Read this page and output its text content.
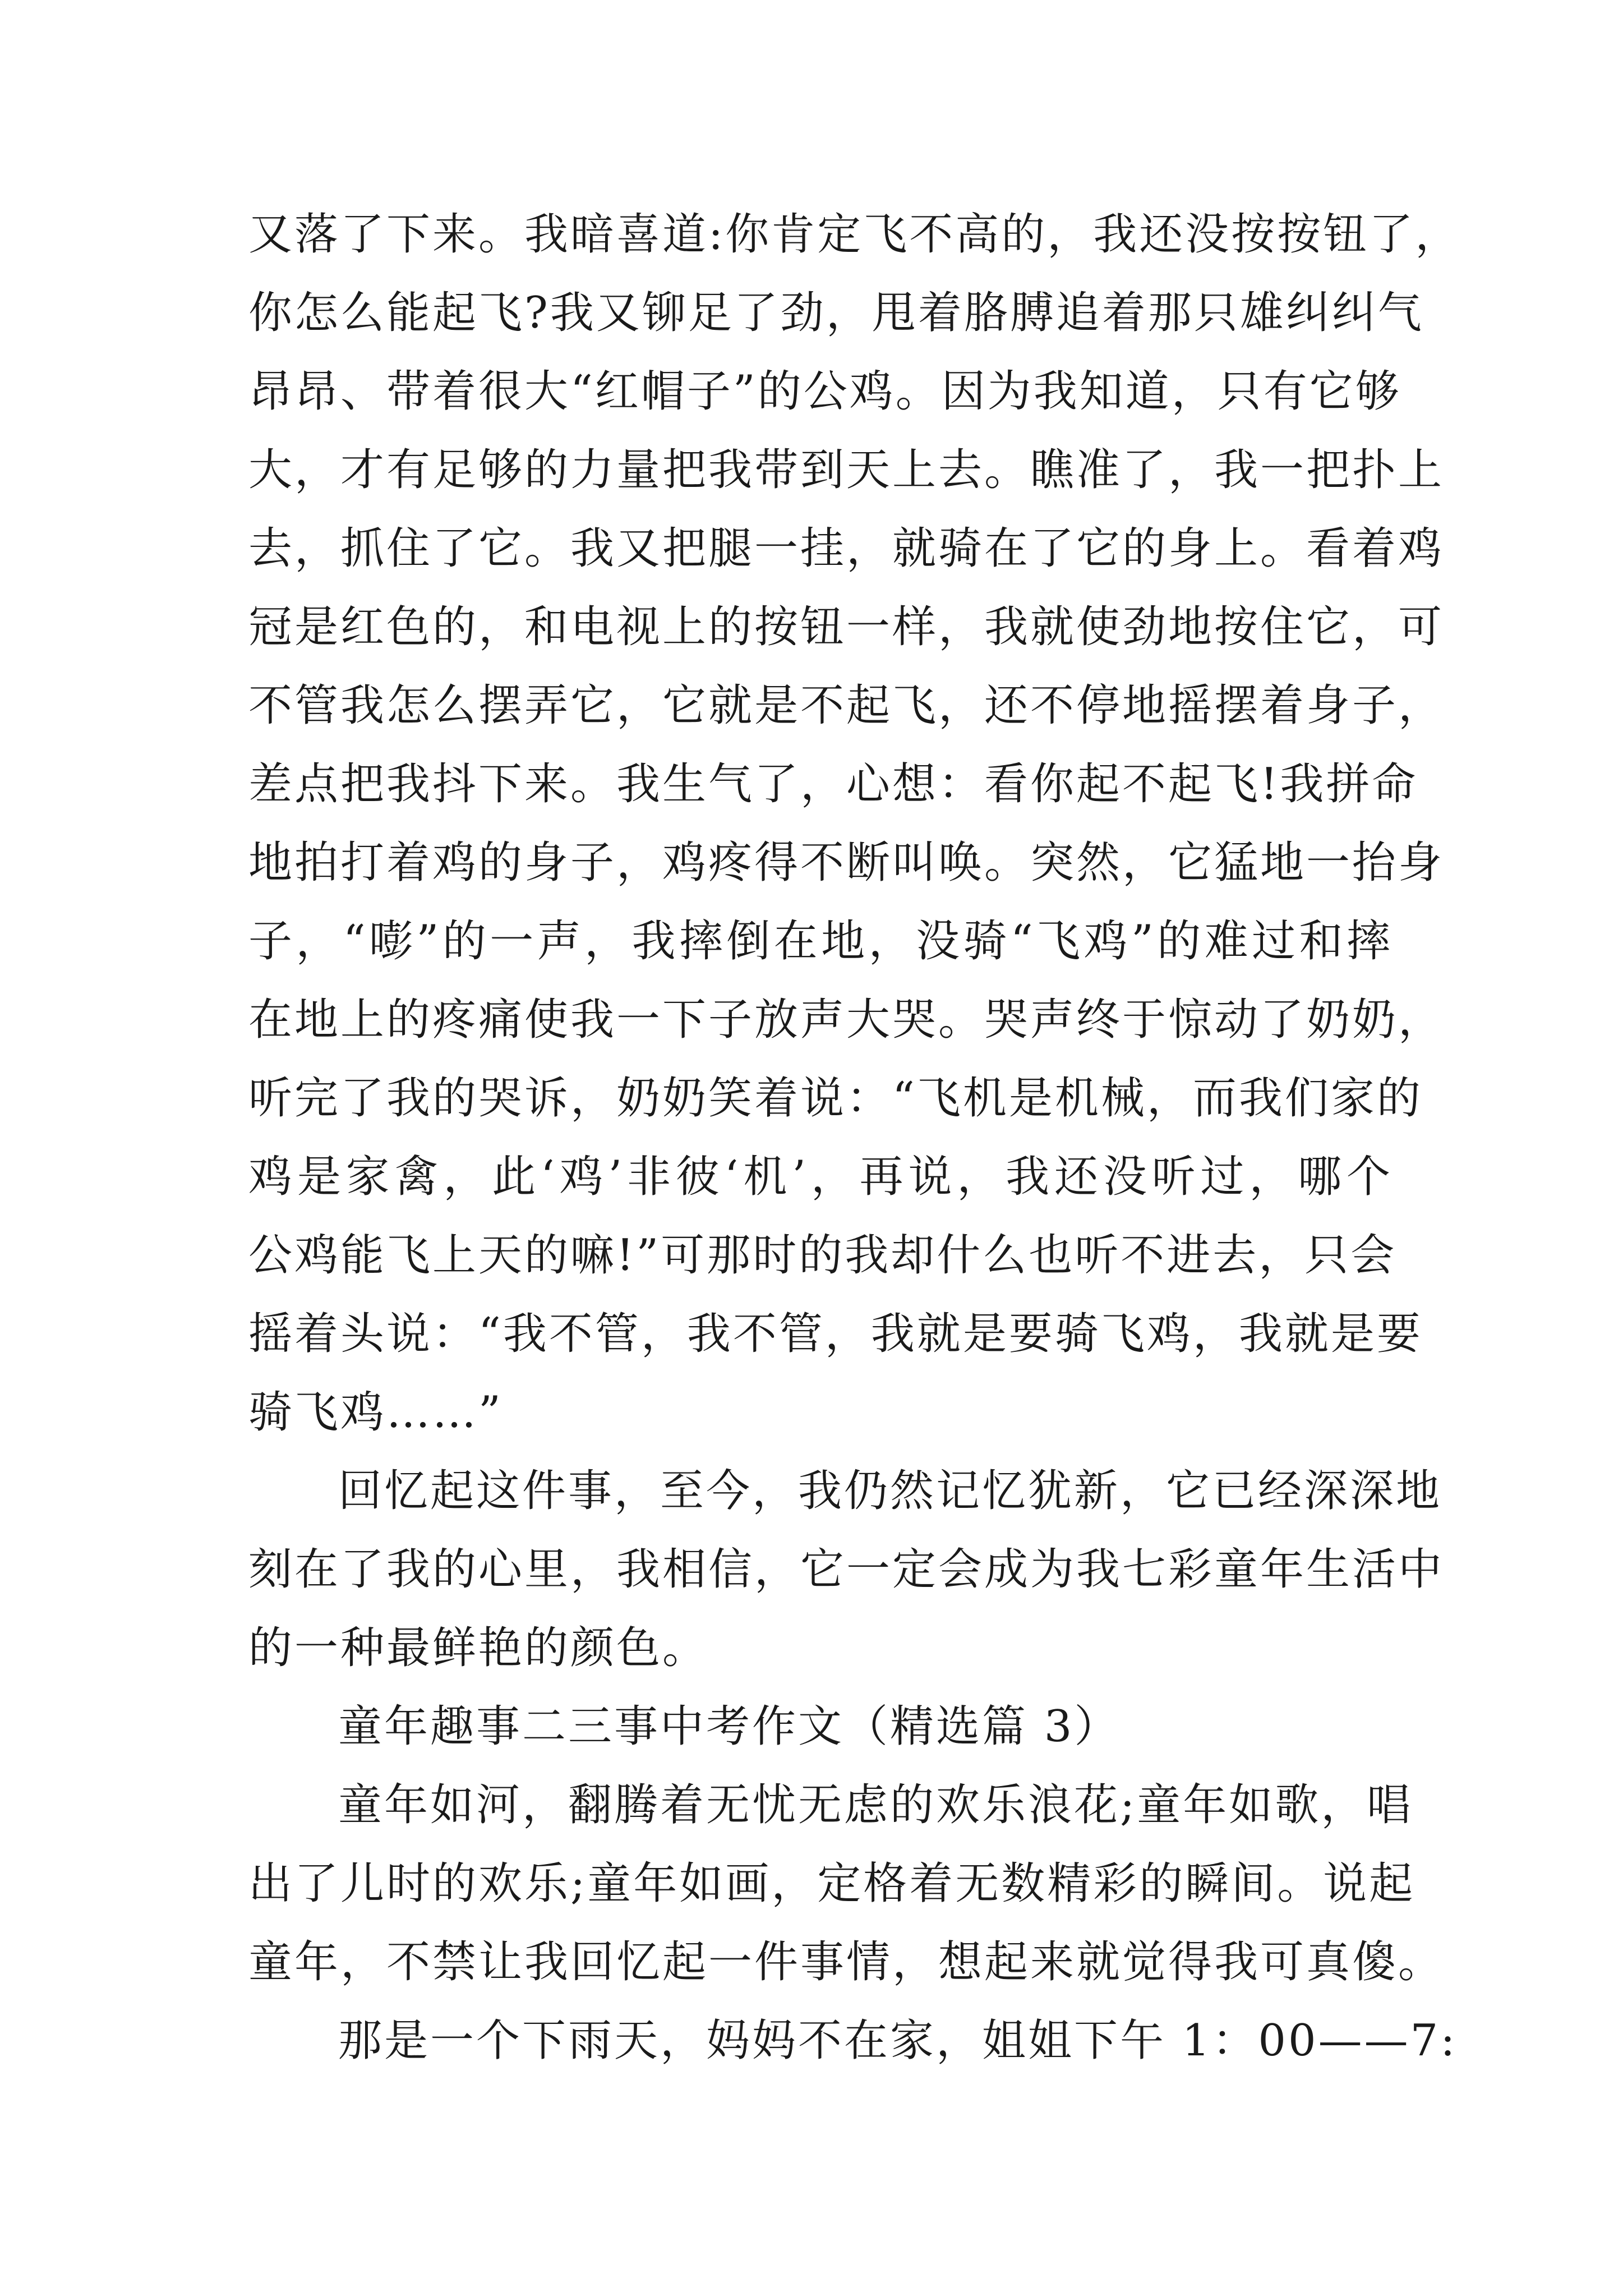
又落了下来。我暗喜道:你肯定飞不高的，我还没按按钮了，
你怎么能起飞?我又铆足了劲，甩着胳膊追着那只雄纠纠气
昂昂、带着很大“红帽子”的公鸡。因为我知道，只有它够
大，才有足够的力量把我带到天上去。瞧准了，我一把扑上
去，抓住了它。我又把腿一挂，就骑在了它的身上。看着鸡
冠是红色的，和电视上的按钮一样，我就使劲地按住它，可
不管我怎么摆弄它，它就是不起飞，还不停地摇摆着身子，
差点把我抖下来。我生气了，心想：看你起不起飞!我拼命
地拍打着鸡的身子，鸡疼得不断叫唤。突然，它猛地一抬身
子，“嘭”的一声，我摔倒在地，没骑“飞鸡”的难过和摔
在地上的疼痛使我一下子放声大哭。哭声终于惊动了奶奶，
听完了我的哭诉，奶奶笑着说：“飞机是机械，而我们家的
鸡是家禽，此‘鸡’非彼‘机’，再说，我还没听过，哪个
公鸡能飞上天的嘛!”可那时的我却什么也听不进去，只会
摇着头说：“我不管，我不管，我就是要骑飞鸡，我就是要
骑飞鸡……”
回忆起这件事，至今，我仍然记忆犹新，它已经深深地
刻在了我的心里，我相信，它一定会成为我七彩童年生活中
的一种最鲜艳的颜色。
童年趣事二三事中考作文（精选篇 3）
童年如河，翻腾着无忧无虑的欢乐浪花;童年如歌，唱
出了儿时的欢乐;童年如画，定格着无数精彩的瞬间。说起
童年，不禁让我回忆起一件事情，想起来就觉得我可真傻。
那是一个下雨天，妈妈不在家，姐姐下午 1：00——7:
